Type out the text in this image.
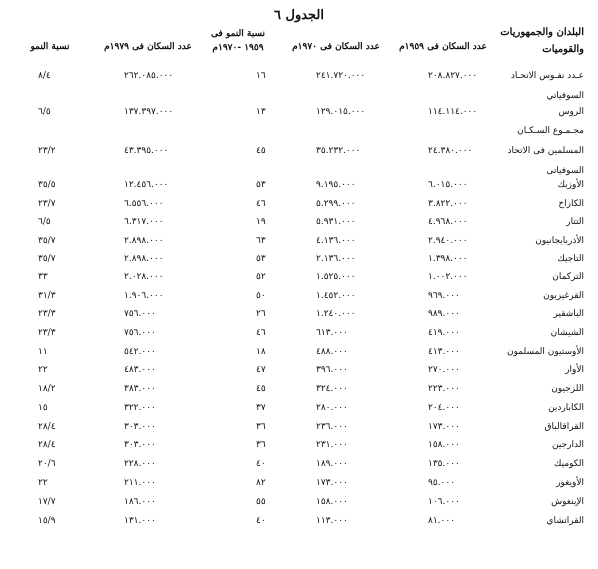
الجدول ٦
البلدان والجمهوريات والقوميات
عدد السكان فى ١٩٥٩م
عدد السكان فى ١٩٧٠م
نسبة النمو فى
١٩٥٩ -١٩٧٠م
عدد السكان فى ١٩٧٩م
نسبة النمو
عـدد نفـوس الاتحـاد
السوفياتي
٢٠٨.٨٢٧.٠٠٠
٢٤١.٧٢٠.٠٠٠
١٦
٢٦٢.٠٨٥.٠٠٠
٨/٤
الروس
١١٤.١١٤.٠٠٠
١٢٩.٠١٥.٠٠٠
١٣
١٣٧.٣٩٧.٠٠٠
٦/٥
مجـمـوع السـكـان
المسلمين فى الاتحاد
السوفياتى
٢٤.٣٨٠.٠٠٠
٣٥.٢٣٢.٠٠٠
٤٥
٤٣.٣٩٥.٠٠٠
٢٣/٢
الأوزبك
٦.٠١٥.٠٠٠
٩.١٩٥.٠٠٠
٥٣
١٢.٤٥٦.٠٠٠
٣٥/٥
الكازاخ
٣.٨٢٢.٠٠٠
٥.٢٩٩.٠٠٠
٤٦
٦.٥٥٦.٠٠٠
٢٣/٧
التتار
٤.٩٦٨.٠٠٠
٥.٩٣١.٠٠٠
١٩
٦.٣١٧.٠٠٠
٦/٥
الأذربايجانيون
٢.٩٤٠.٠٠٠
٤.١٣٦.٠٠٠
٦٣
٢.٨٩٨.٠٠٠
٣٥/٧
التاجيك
١.٣٩٨.٠٠٠
٢.١٣٦.٠٠٠
٥٣
٢.٨٩٨.٠٠٠
٣٥/٧
التركمان
١.٠٠٢.٠٠٠
١.٥٢٥.٠٠٠
٥٢
٢.٠٢٨.٠٠٠
٣٣
القرغيزيون
٩٦٩.٠٠٠
١.٤٥٢.٠٠٠
٥٠
١.٩٠٦.٠٠٠
٣١/٣
الباشقير
٩٨٩.٠٠٠
١.٢٤٠.٠٠٠
٢٦
٧٥٦.٠٠٠
٢٣/٣
الشيشان
٤١٩.٠٠٠
٦١٣.٠٠٠
٤٦
٧٥٦.٠٠٠
٢٣/٣
الأوستيون المسلمون
٤١٣.٠٠٠
٤٨٨.٠٠٠
١٨
٥٤٢.٠٠٠
١١
الأوار
٢٧٠.٠٠٠
٣٩٦.٠٠٠
٤٧
٤٨٣.٠٠٠
٢٢
اللزجيون
٢٢٣.٠٠٠
٣٢٤.٠٠٠
٤٥
٣٨٣.٠٠٠
١٨/٢
الكاباردين
٢٠٤.٠٠٠
٢٨٠.٠٠٠
٣٧
٣٢٢.٠٠٠
١٥
القراقالباق
١٧٣.٠٠٠
٢٣٦.٠٠٠
٣٦
٣٠٣.٠٠٠
٢٨/٤
الدارجين
١٥٨.٠٠٠
٢٣١.٠٠٠
٣٦
٣٠٣.٠٠٠
٢٨/٤
الكوميك
١٣٥.٠٠٠
١٨٩.٠٠٠
٤٠
٢٢٨.٠٠٠
٢٠/٦
الأويغور
٩٥.٠٠٠
١٧٣.٠٠٠
٨٢
٢١١.٠٠٠
٢٢
الإينغوش
١٠٦.٠٠٠
١٥٨.٠٠٠
٥٥
١٨٦.٠٠٠
١٧/٧
القراتشاي
٨١.٠٠٠
١١٣.٠٠٠
٤٠
١٣١.٠٠٠
١٥/٩
